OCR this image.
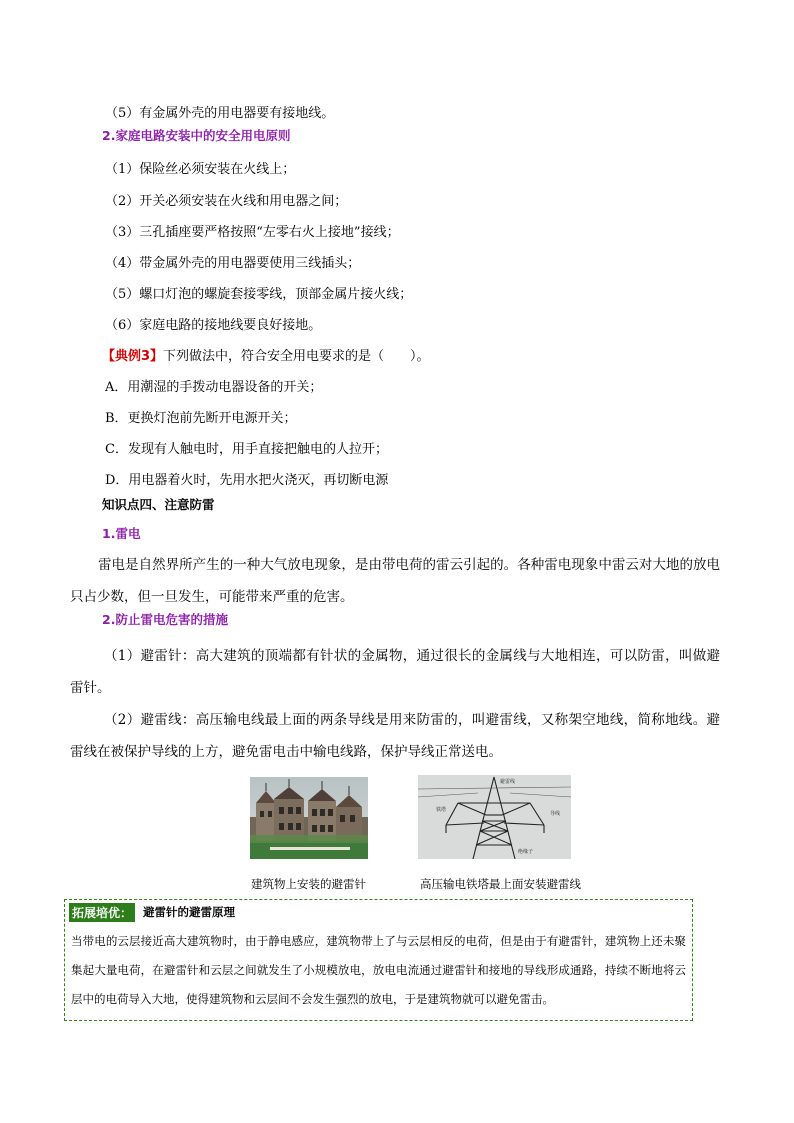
（5）有金属外壳的用电器要有接地线。
2.家庭电路安装中的安全用电原则
（1）保险丝必须安装在火线上；
（2）开关必须安装在火线和用电器之间；
（3）三孔插座要严格按照“左零右火上接地”接线；
（4）带金属外壳的用电器要使用三线插头；
（5）螺口灯泡的螺旋套接零线，顶部金属片接火线；
（6）家庭电路的接地线要良好接地。
【典例3】下列做法中，符合安全用电要求的是（　　）。
A．用潮湿的手拨动电器设备的开关；
B．更换灯泡前先断开电源开关；
C．发现有人触电时，用手直接把触电的人拉开；
D．用电器着火时，先用水把火浇灭，再切断电源
知识点四、注意防雷
1.雷电
雷电是自然界所产生的一种大气放电现象，是由带电荷的雷云引起的。各种雷电现象中雷云对大地的放电只占少数，但一旦发生，可能带来严重的危害。
2.防止雷电危害的措施
（1）避雷针：高大建筑的顶端都有针状的金属物，通过很长的金属线与大地相连，可以防雷，叫做避雷针。
（2）避雷线：高压输电线最上面的两条导线是用来防雷的，叫避雷线，又称架空地线，简称地线。避雷线在被保护导线的上方，避免雷电击中输电线路，保护导线正常送电。
避雷线
铁塔
导线
绝缘子
建筑物上安装的避雷针	高压输电铁塔最上面安装避雷线
拓展培优： 避雷针的避雷原理
当带电的云层接近高大建筑物时，由于静电感应，建筑物带上了与云层相反的电荷，但是由于有避雷针，建筑物上还未聚集起大量电荷，在避雷针和云层之间就发生了小规模放电，放电电流通过避雷针和接地的导线形成通路，持续不断地将云层中的电荷导入大地，使得建筑物和云层间不会发生强烈的放电，于是建筑物就可以避免雷击。
